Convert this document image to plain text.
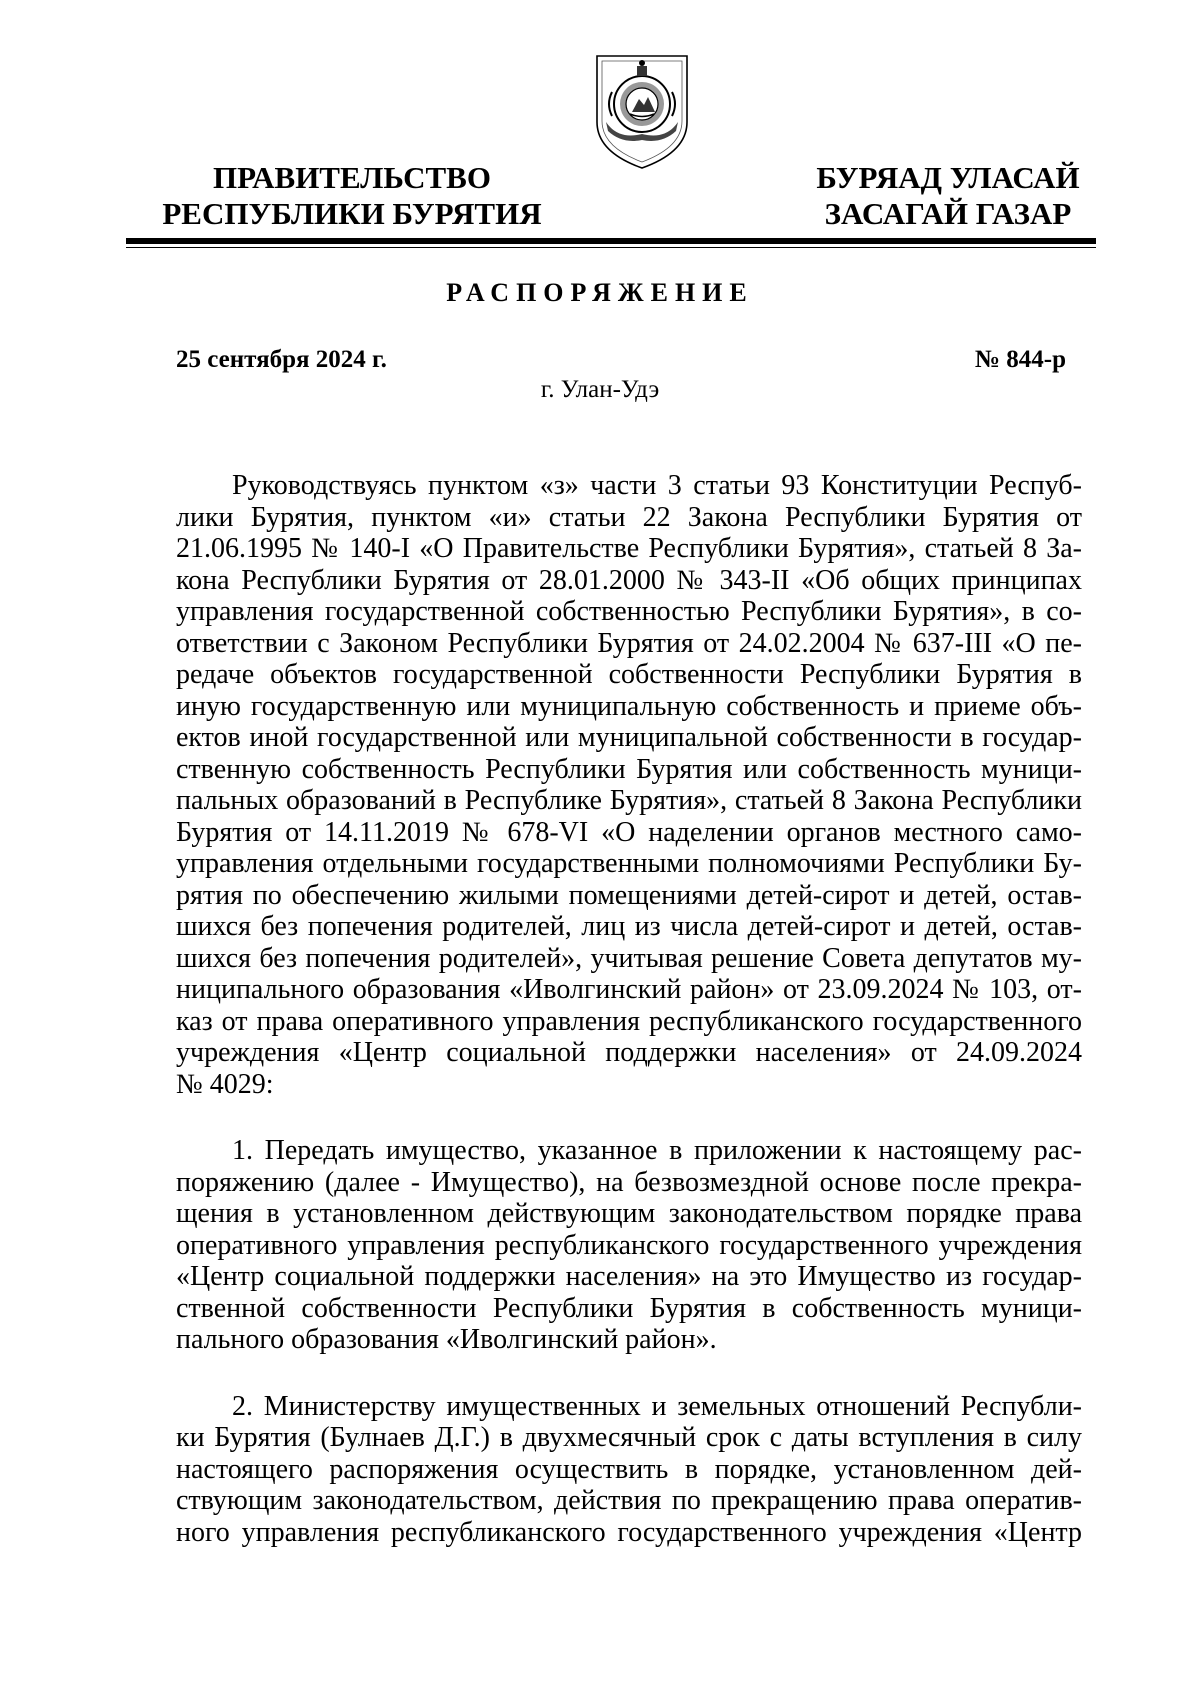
ПРАВИТЕЛЬСТВО
РЕСПУБЛИКИ БУРЯТИЯ
БУРЯАД УЛАСАЙ
ЗАСАГАЙ ГАЗАР
РАСПОРЯЖЕНИЕ
25 сентября 2024 г.	№ 844-р
г. Улан-Удэ
Руководствуясь пунктом «з» части 3 статьи 93 Конституции Респуб-
лики Бурятия, пунктом «и» статьи 22 Закона Республики Бурятия от
21.06.1995 № 140-I «О Правительстве Республики Бурятия», статьей 8 За-
кона Республики Бурятия от 28.01.2000 № 343-II «Об общих принципах
управления государственной собственностью Республики Бурятия», в со-
ответствии с Законом Республики Бурятия от 24.02.2004 № 637-III «О пе-
редаче объектов государственной собственности Республики Бурятия в
иную государственную или муниципальную собственность и приеме объ-
ектов иной государственной или муниципальной собственности в государ-
ственную собственность Республики Бурятия или собственность муници-
пальных образований в Республике Бурятия», статьей 8 Закона Республики
Бурятия от 14.11.2019 № 678-VI «О наделении органов местного само-
управления отдельными государственными полномочиями Республики Бу-
рятия по обеспечению жилыми помещениями детей-сирот и детей, остав-
шихся без попечения родителей, лиц из числа детей-сирот и детей, остав-
шихся без попечения родителей», учитывая решение Совета депутатов му-
ниципального образования «Иволгинский район» от 23.09.2024 № 103, от-
каз от права оперативного управления республиканского государственного
учреждения «Центр социальной поддержки населения» от 24.09.2024
№ 4029:
1. Передать имущество, указанное в приложении к настоящему рас-
поряжению (далее - Имущество), на безвозмездной основе после прекра-
щения в установленном действующим законодательством порядке права
оперативного управления республиканского государственного учреждения
«Центр социальной поддержки населения» на это Имущество из государ-
ственной собственности Республики Бурятия в собственность муници-
пального образования «Иволгинский район».
2. Министерству имущественных и земельных отношений Республи-
ки Бурятия (Булнаев Д.Г.) в двухмесячный срок с даты вступления в силу
настоящего распоряжения осуществить в порядке, установленном дей-
ствующим законодательством, действия по прекращению права оператив-
ного управления республиканского государственного учреждения «Центр
